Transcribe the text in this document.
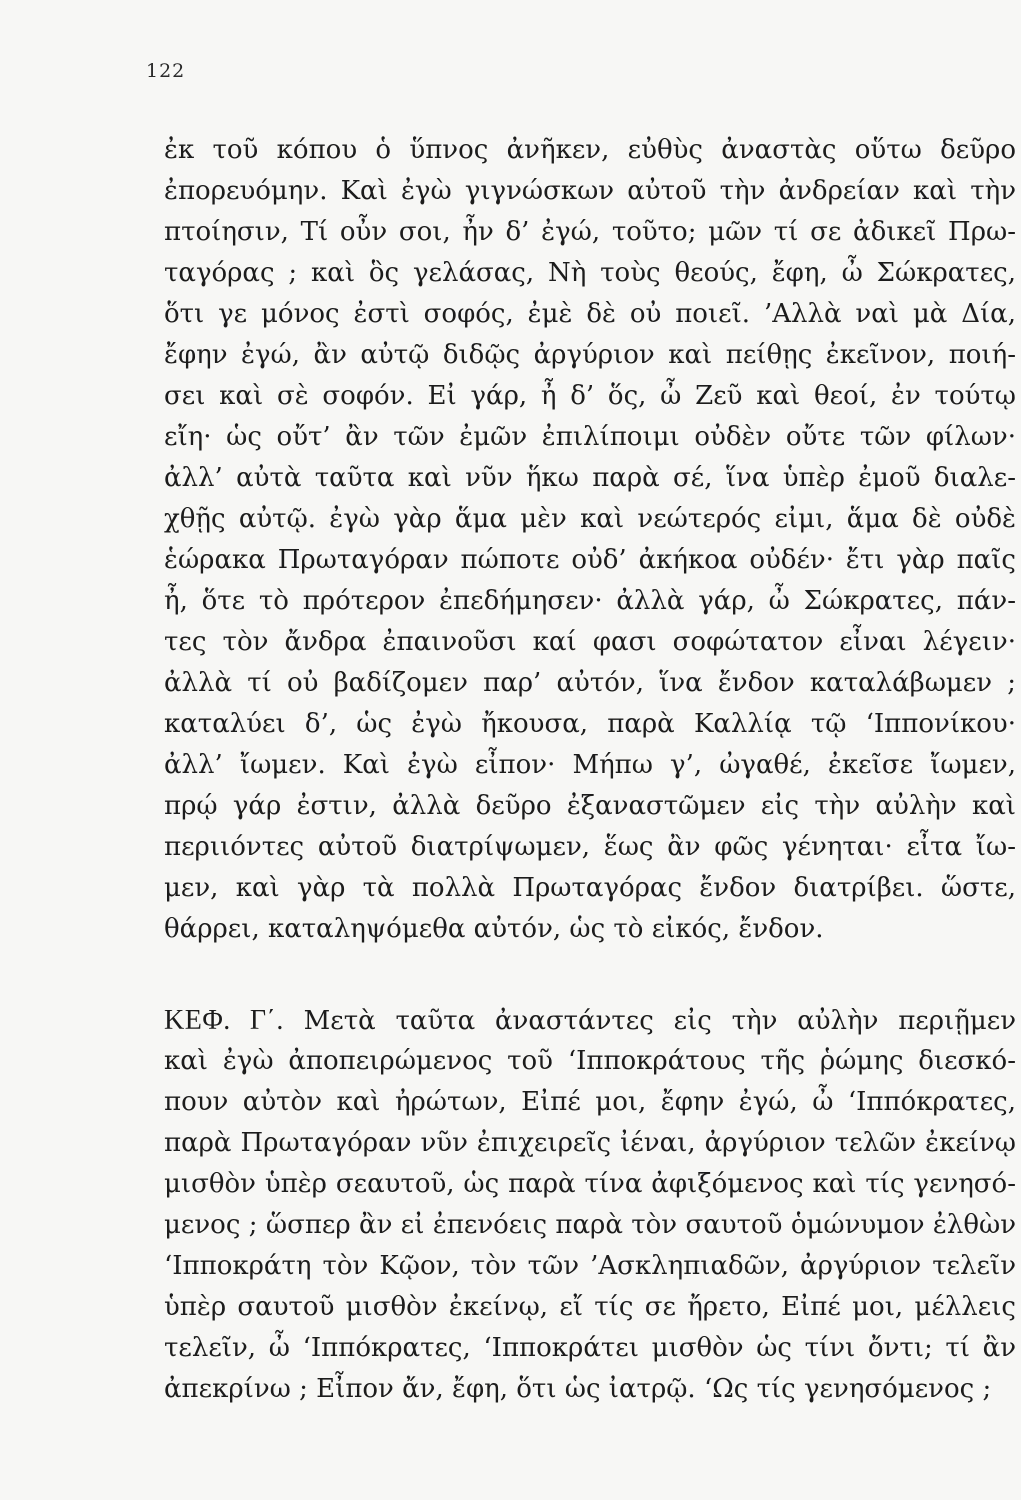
122
ἐκ τοῦ κόπου ὁ ὕπνος ἀνῆκεν, εὐθὺς ἀναστὰς οὕτω δεῦρο
ἐπορευόμην. Καὶ ἐγὼ γιγνώσκων αὐτοῦ τὴν ἀνδρείαν καὶ τὴν
πτοίησιν, Τί οὖν σοι, ἦν δ’ ἐγώ, τοῦτο; μῶν τί σε ἀδικεῖ Πρω-
ταγόρας ; καὶ ὃς γελάσας, Νὴ τοὺς θεούς, ἔφη, ὦ Σώκρατες,
ὅτι γε μόνος ἐστὶ σοφός, ἐμὲ δὲ οὐ ποιεῖ. ’Αλλὰ ναὶ μὰ Δία,
ἔφην ἐγώ, ἂν αὐτῷ διδῷς ἀργύριον καὶ πείθῃς ἐκεῖνον, ποιή-
σει καὶ σὲ σοφόν. Εἰ γάρ, ἦ δ’ ὅς, ὦ Ζεῦ καὶ θεοί, ἐν τούτῳ
εἴη· ὡς οὔτ’ ἂν τῶν ἐμῶν ἐπιλίποιμι οὐδὲν οὔτε τῶν φίλων·
ἀλλ’ αὐτὰ ταῦτα καὶ νῦν ἥκω παρὰ σέ, ἵνα ὑπὲρ ἐμοῦ διαλε-
χθῇς αὐτῷ. ἐγὼ γὰρ ἅμα μὲν καὶ νεώτερός εἰμι, ἅμα δὲ οὐδὲ
ἑώρακα Πρωταγόραν πώποτε οὐδ’ ἀκήκοα οὐδέν· ἔτι γὰρ παῖς
ἦ, ὅτε τὸ πρότερον ἐπεδήμησεν· ἀλλὰ γάρ, ὦ Σώκρατες, πάν-
τες τὸν ἄνδρα ἐπαινοῦσι καί φασι σοφώτατον εἶναι λέγειν·
ἀλλὰ τί οὐ βαδίζομεν παρ’ αὐτόν, ἵνα ἔνδον καταλάβωμεν ;
καταλύει δ’, ὡς ἐγὼ ἤκουσα, παρὰ Καλλίᾳ τῷ ‘Ιππονίκου·
ἀλλ’ ἴωμεν. Καὶ ἐγὼ εἶπον· Μήπω γ’, ὠγαθέ, ἐκεῖσε ἴωμεν,
πρῴ γάρ ἐστιν, ἀλλὰ δεῦρο ἐξαναστῶμεν εἰς τὴν αὐλὴν καὶ
περιιόντες αὐτοῦ διατρίψωμεν, ἕως ἂν φῶς γένηται· εἶτα ἴω-
μεν, καὶ γὰρ τὰ πολλὰ Πρωταγόρας ἔνδον διατρίβει. ὥστε,
θάρρει, καταληψόμεθα αὐτόν, ὡς τὸ εἰκός, ἔνδον.
ΚΕΦ. Γ΄. Μετὰ ταῦτα ἀναστάντες εἰς τὴν αὐλὴν περιῇμεν
καὶ ἐγὼ ἀποπειρώμενος τοῦ ‘Ιπποκράτους τῆς ῥώμης διεσκό-
πουν αὐτὸν καὶ ἠρώτων, Εἰπέ μοι, ἔφην ἐγώ, ὦ ‘Ιππόκρατες,
παρὰ Πρωταγόραν νῦν ἐπιχειρεῖς ἰέναι, ἀργύριον τελῶν ἐκείνῳ
μισθὸν ὑπὲρ σεαυτοῦ, ὡς παρὰ τίνα ἀφιξόμενος καὶ τίς γενησό-
μενος ; ὥσπερ ἂν εἰ ἐπενόεις παρὰ τὸν σαυτοῦ ὁμώνυμον ἐλθὼν
‘Ιπποκράτη τὸν Κῷον, τὸν τῶν ’Ασκληπιαδῶν, ἀργύριον τελεῖν
ὑπὲρ σαυτοῦ μισθὸν ἐκείνῳ, εἴ τίς σε ἤρετο, Εἰπέ μοι, μέλλεις
τελεῖν, ὦ ‘Ιππόκρατες, ‘Ιπποκράτει μισθὸν ὡς τίνι ὄντι; τί ἂν
ἀπεκρίνω ; Εἶπον ἄν, ἔφη, ὅτι ὡς ἰατρῷ. ‘Ως τίς γενησόμενος ;
